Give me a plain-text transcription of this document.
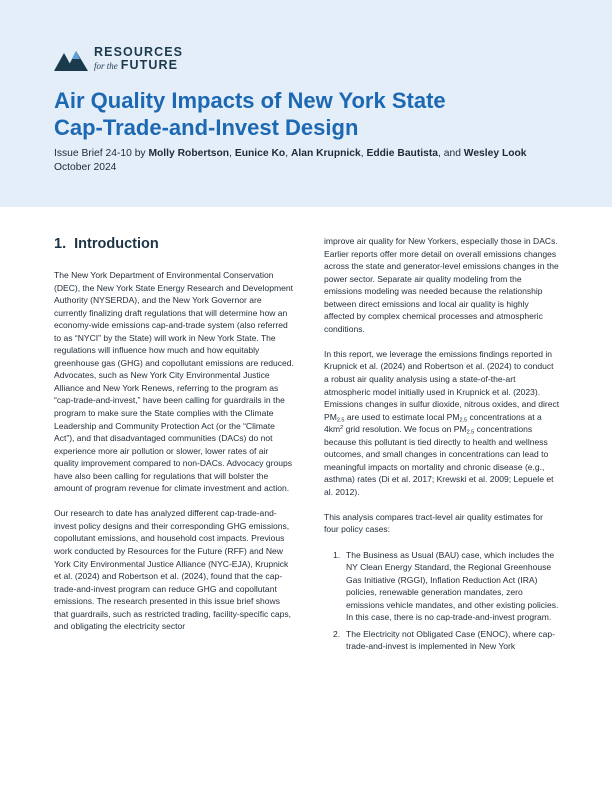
RESOURCES
for the FUTURE
Air Quality Impacts of New York State
Cap-Trade-and-Invest Design
Issue Brief 24-10 by Molly Robertson, Eunice Ko, Alan Krupnick, Eddie Bautista, and Wesley Look
October 2024
1. Introduction

The New York Department of Environmental Conservation (DEC), the New York State Energy Research and Development Authority (NYSERDA), and the New York Governor are currently finalizing draft regulations that will determine how an economy-wide emissions cap-and-trade system (also referred to as “NYCI” by the State) will work in New York State. The regulations will influence how much and how equitably greenhouse gas (GHG) and copollutant emissions are reduced. Advocates, such as New York City Environmental Justice Alliance and New York Renews, referring to the program as “cap-trade-and-invest,” have been calling for guardrails in the program to make sure the State complies with the Climate Leadership and Community Protection Act (or the “Climate Act”), and that disadvantaged communities (DACs) do not experience more air pollution or slower, lower rates of air quality improvement compared to non-DACs. Advocacy groups have also been calling for regulations that will bolster the amount of program revenue for climate investment and action.

Our research to date has analyzed different cap-trade-and-invest policy designs and their corresponding GHG emissions, copollutant emissions, and household cost impacts. Previous work conducted by Resources for the Future (RFF) and New York City Environmental Justice Alliance (NYC-EJA), Krupnick et al. (2024) and Robertson et al. (2024), found that the cap-trade-and-invest program can reduce GHG and copollutant emissions. The research presented in this issue brief shows that guardrails, such as restricted trading, facility-specific caps, and obligating the electricity sector

improve air quality for New Yorkers, especially those in DACs. Earlier reports offer more detail on overall emissions changes across the state and generator-level emissions changes in the power sector. Separate air quality modeling from the emissions modeling was needed because the relationship between direct emissions and local air quality is highly affected by complex chemical processes and atmospheric conditions.

In this report, we leverage the emissions findings reported in Krupnick et al. (2024) and Robertson et al. (2024) to conduct a robust air quality analysis using a state-of-the-art atmospheric model initially used in Krupnick et al. (2023). Emissions changes in sulfur dioxide, nitrous oxides, and direct $PM_{2.5}$ are used to estimate local $PM_{2.5}$ concentrations at a $4km^2$ grid resolution. We focus on $PM_{2.5}$ concentrations because this pollutant is tied directly to health and wellness outcomes, and small changes in concentrations can lead to meaningful impacts on mortality and chronic disease (e.g., asthma) rates (Di et al. 2017; Krewski et al. 2009; Lepuele et al. 2012).

This analysis compares tract-level air quality estimates for four policy cases:

1. The Business as Usual (BAU) case, which includes the NY Clean Energy Standard, the Regional Greenhouse Gas Initiative (RGGI), Inflation Reduction Act (IRA) policies, renewable generation mandates, zero emissions vehicle mandates, and other existing policies. In this case, there is no cap-trade-and-invest program.
2. The Electricity not Obligated Case (ENOC), where cap-trade-and-invest is implemented in New York
